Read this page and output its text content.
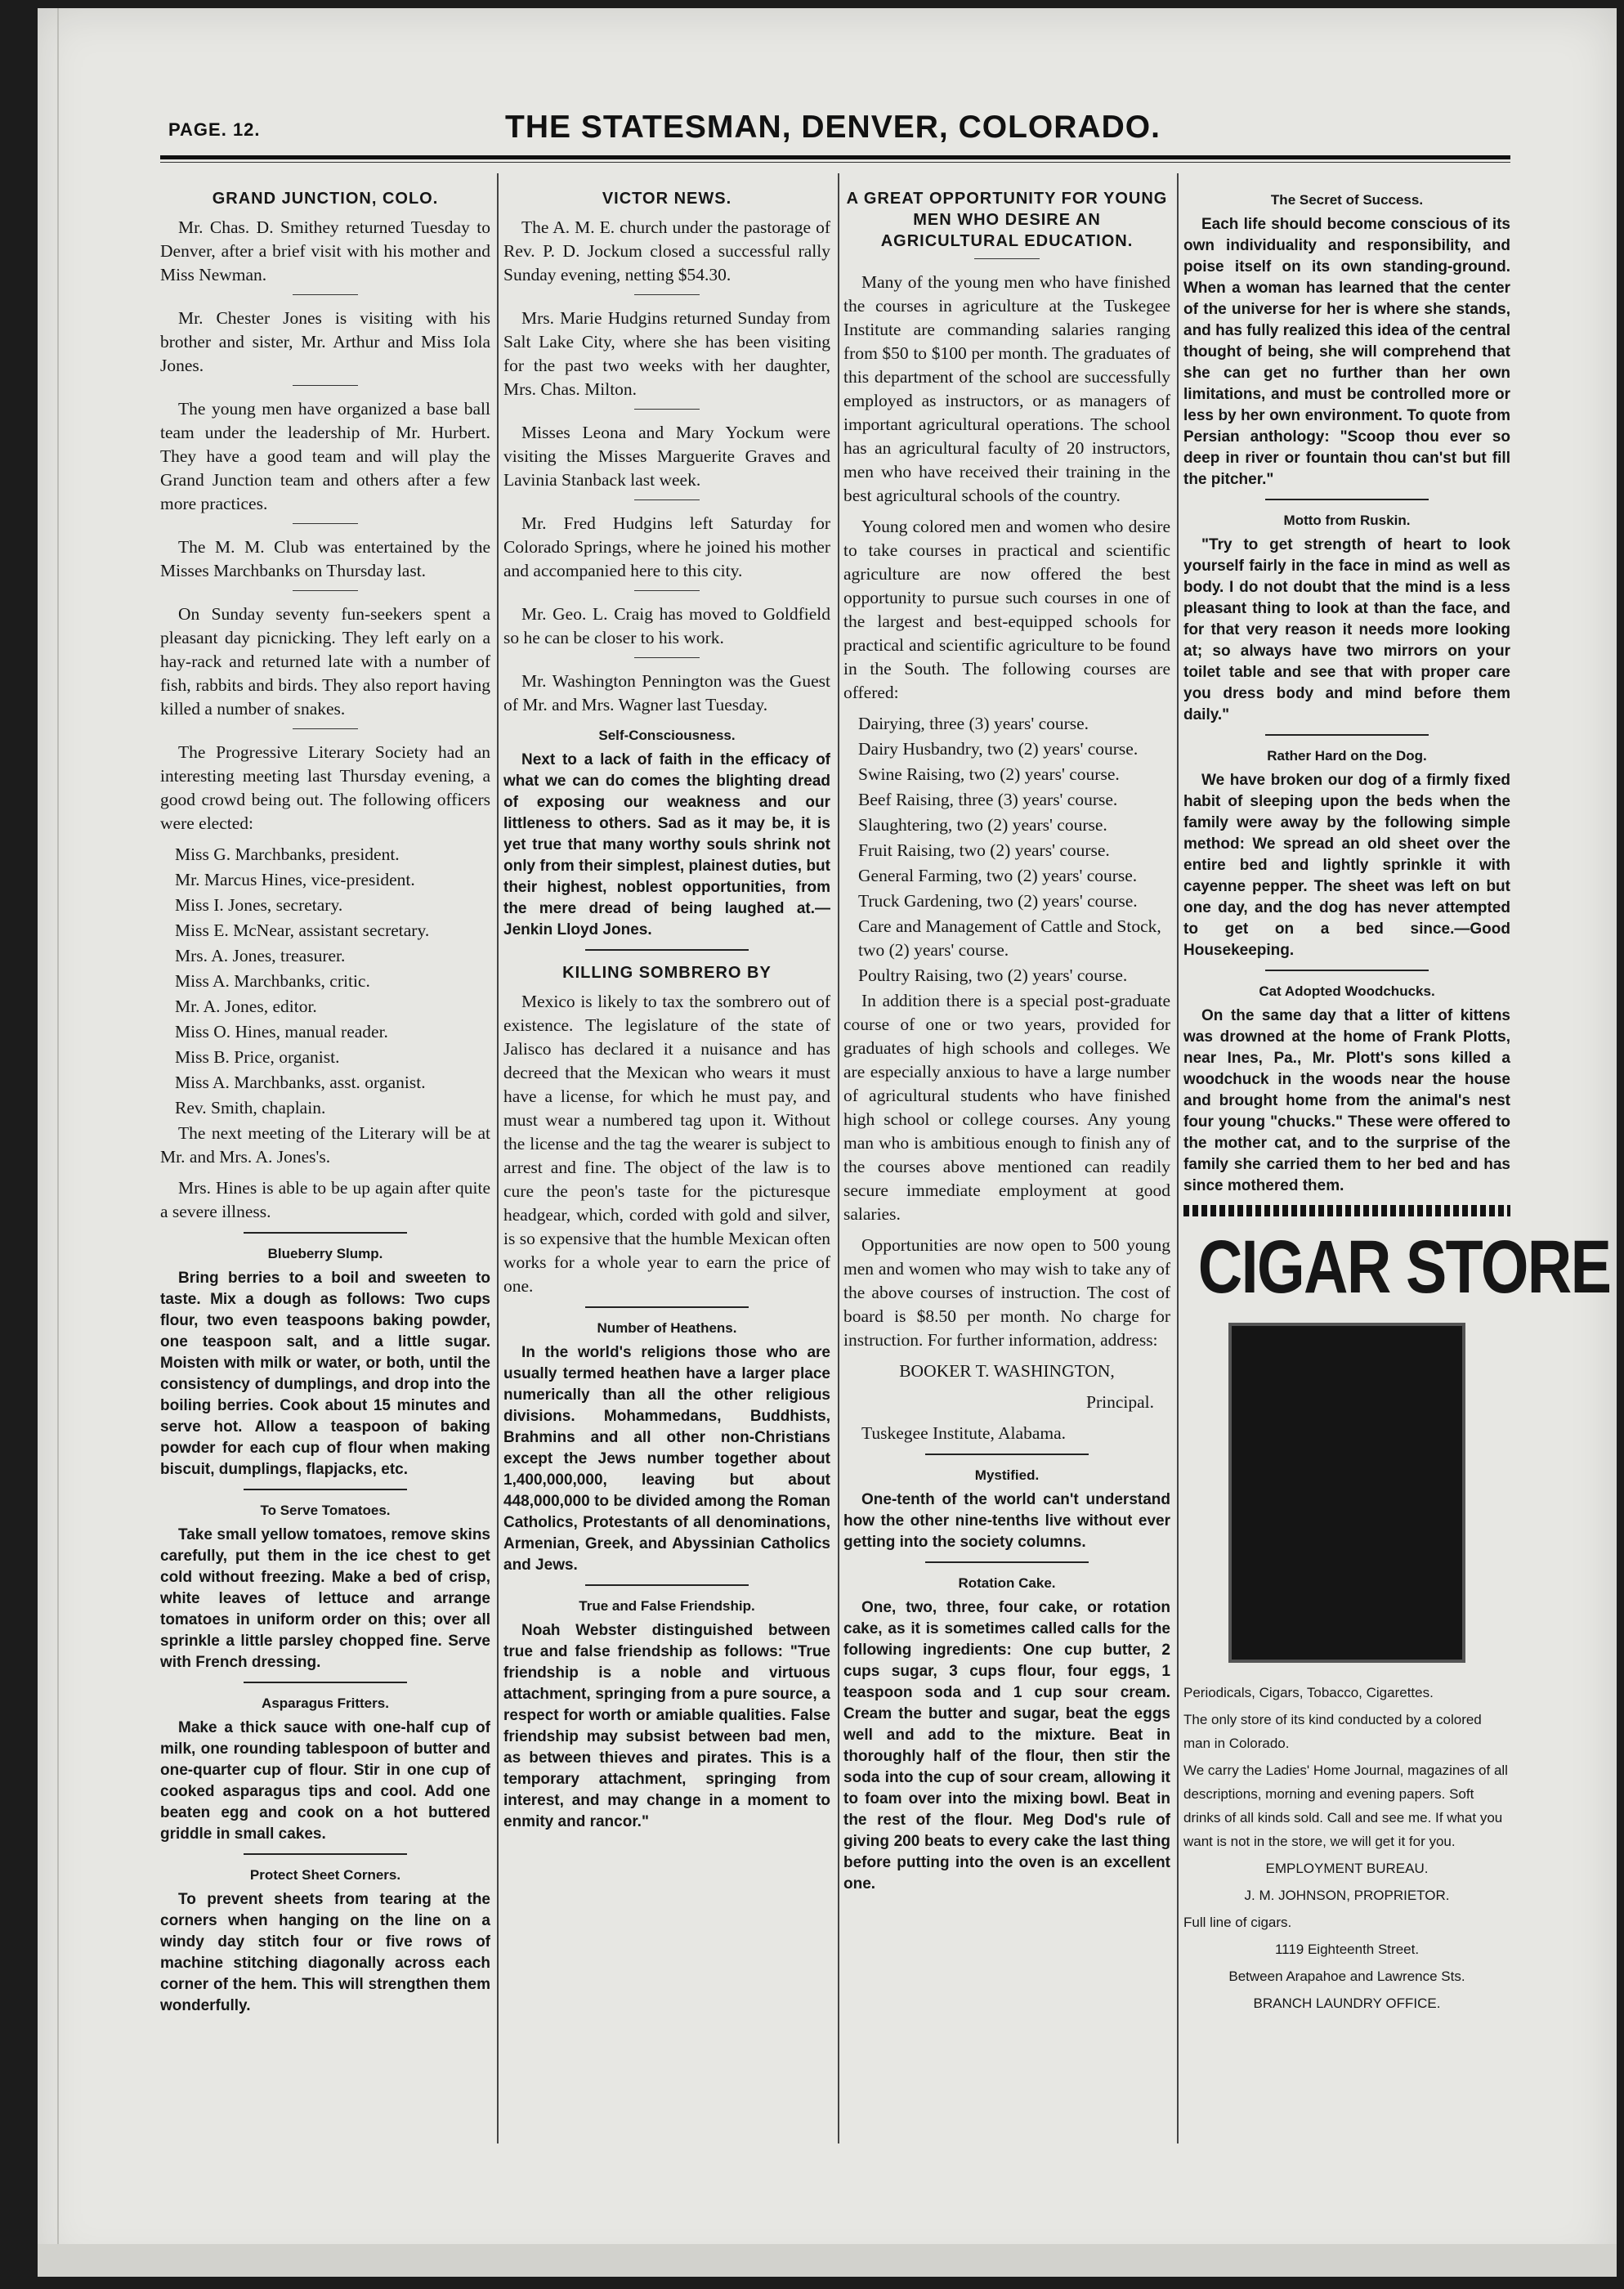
PAGE. 12.	THE STATESMAN, DENVER, COLORADO.
GRAND JUNCTION, COLO.

Mr. Chas. D. Smithey returned Tuesday to Denver, after a brief visit with his mother and Miss Newman.

Mr. Chester Jones is visiting with his brother and sister, Mr. Arthur and Miss Iola Jones.

The young men have organized a base ball team under the leadership of Mr. Hurbert. They have a good team and will play the Grand Junction team and others after a few more practices.

The M. M. Club was entertained by the Misses Marchbanks on Thursday last.

On Sunday seventy fun-seekers spent a pleasant day picnicking. They left early on a hay-rack and returned late with a number of fish, rabbits and birds. They also report having killed a number of snakes.

The Progressive Literary Society had an interesting meeting last Thursday evening, a good crowd being out. The following officers were elected:

Miss G. Marchbanks, president.

Mr. Marcus Hines, vice-president.

Miss I. Jones, secretary.

Miss E. McNear, assistant secretary.

Mrs. A. Jones, treasurer.

Miss A. Marchbanks, critic.

Mr. A. Jones, editor.

Miss O. Hines, manual reader.

Miss B. Price, organist.

Miss A. Marchbanks, asst. organist.

Rev. Smith, chaplain.

The next meeting of the Literary will be at Mr. and Mrs. A. Jones's.

Mrs. Hines is able to be up again after quite a severe illness.

Blueberry Slump.

Bring berries to a boil and sweeten to taste. Mix a dough as follows: Two cups flour, two even teaspoons baking powder, one teaspoon salt, and a little sugar. Moisten with milk or water, or both, until the consistency of dumplings, and drop into the boiling berries. Cook about 15 minutes and serve hot. Allow a teaspoon of baking powder for each cup of flour when making biscuit, dumplings, flapjacks, etc.

To Serve Tomatoes.

Take small yellow tomatoes, remove skins carefully, put them in the ice chest to get cold without freezing. Make a bed of crisp, white leaves of lettuce and arrange tomatoes in uniform order on this; over all sprinkle a little parsley chopped fine. Serve with French dressing.

Asparagus Fritters.

Make a thick sauce with one-half cup of milk, one rounding tablespoon of butter and one-quarter cup of flour. Stir in one cup of cooked asparagus tips and cool. Add one beaten egg and cook on a hot buttered griddle in small cakes.

Protect Sheet Corners.

To prevent sheets from tearing at the corners when hanging on the line on a windy day stitch four or five rows of machine stitching diagonally across each corner of the hem. This will strengthen them wonderfully.

VICTOR NEWS.

The A. M. E. church under the pastorage of Rev. P. D. Jockum closed a successful rally Sunday evening, netting $54.30.

Mrs. Marie Hudgins returned Sunday from Salt Lake City, where she has been visiting for the past two weeks with her daughter, Mrs. Chas. Milton.

Misses Leona and Mary Yockum were visiting the Misses Marguerite Graves and Lavinia Stanback last week.

Mr. Fred Hudgins left Saturday for Colorado Springs, where he joined his mother and accompanied here to this city.

Mr. Geo. L. Craig has moved to Goldfield so he can be closer to his work.

Mr. Washington Pennington was the Guest of Mr. and Mrs. Wagner last Tuesday.

Self-Consciousness.

Next to a lack of faith in the efficacy of what we can do comes the blighting dread of exposing our weakness and our littleness to others. Sad as it may be, it is yet true that many worthy souls shrink not only from their simplest, plainest duties, but their highest, noblest opportunities, from the mere dread of being laughed at.—Jenkin Lloyd Jones.

KILLING SOMBRERO BY

Mexico is likely to tax the sombrero out of existence. The legislature of the state of Jalisco has declared it a nuisance and has decreed that the Mexican who wears it must have a license, for which he must pay, and must wear a numbered tag upon it. Without the license and the tag the wearer is subject to arrest and fine. The object of the law is to cure the peon's taste for the picturesque headgear, which, corded with gold and silver, is so expensive that the humble Mexican often works for a whole year to earn the price of one.

Number of Heathens.

In the world's religions those who are usually termed heathen have a larger place numerically than all the other religious divisions. Mohammedans, Buddhists, Brahmins and all other non-Christians except the Jews number together about 1,400,000,000, leaving but about 448,000,000 to be divided among the Roman Catholics, Protestants of all denominations, Armenian, Greek, and Abyssinian Catholics and Jews.

True and False Friendship.

Noah Webster distinguished between true and false friendship as follows: "True friendship is a noble and virtuous attachment, springing from a pure source, a respect for worth or amiable qualities. False friendship may subsist between bad men, as between thieves and pirates. This is a temporary attachment, springing from interest, and may change in a moment to enmity and rancor."

A GREAT OPPORTUNITY FOR YOUNG MEN WHO DESIRE AN AGRICULTURAL EDUCATION.

Many of the young men who have finished the courses in agriculture at the Tuskegee Institute are commanding salaries ranging from $50 to $100 per month. The graduates of this department of the school are successfully employed as instructors, or as managers of important agricultural operations. The school has an agricultural faculty of 20 instructors, men who have received their training in the best agricultural schools of the country.

Young colored men and women who desire to take courses in practical and scientific agriculture are now offered the best opportunity to pursue such courses in one of the largest and best-equipped schools for practical and scientific agriculture to be found in the South. The following courses are offered:

Dairying, three (3) years' course.

Dairy Husbandry, two (2) years' course.

Swine Raising, two (2) years' course.

Beef Raising, three (3) years' course.

Slaughtering, two (2) years' course.

Fruit Raising, two (2) years' course.

General Farming, two (2) years' course.

Truck Gardening, two (2) years' course.

Care and Management of Cattle and Stock, two (2) years' course.

Poultry Raising, two (2) years' course.

In addition there is a special post-graduate course of one or two years, provided for graduates of high schools and colleges. We are especially anxious to have a large number of agricultural students who have finished high school or college courses. Any young man who is ambitious enough to finish any of the courses above mentioned can readily secure immediate employment at good salaries.

Opportunities are now open to 500 young men and women who may wish to take any of the above courses of instruction. The cost of board is $8.50 per month. No charge for instruction. For further information, address:

BOOKER T. WASHINGTON,

Principal.

Tuskegee Institute, Alabama.

Mystified.

One-tenth of the world can't understand how the other nine-tenths live without ever getting into the society columns.

Rotation Cake.

One, two, three, four cake, or rotation cake, as it is sometimes called calls for the following ingredients: One cup butter, 2 cups sugar, 3 cups flour, four eggs, 1 teaspoon soda and 1 cup sour cream. Cream the butter and sugar, beat the eggs well and add to the mixture. Beat in thoroughly half of the flour, then stir the soda into the cup of sour cream, allowing it to foam over into the mixing bowl. Beat in the rest of the flour. Meg Dod's rule of giving 200 beats to every cake the last thing before putting into the oven is an excellent one.

The Secret of Success.

Each life should become conscious of its own individuality and responsibility, and poise itself on its own standing-ground. When a woman has learned that the center of the universe for her is where she stands, and has fully realized this idea of the central thought of being, she will comprehend that she can get no further than her own limitations, and must be controlled more or less by her own environment. To quote from Persian anthology: "Scoop thou ever so deep in river or fountain thou can'st but fill the pitcher."

Motto from Ruskin.

"Try to get strength of heart to look yourself fairly in the face in mind as well as body. I do not doubt that the mind is a less pleasant thing to look at than the face, and for that very reason it needs more looking at; so always have two mirrors on your toilet table and see that with proper care you dress body and mind before them daily."

Rather Hard on the Dog.

We have broken our dog of a firmly fixed habit of sleeping upon the beds when the family were away by the following simple method: We spread an old sheet over the entire bed and lightly sprinkle it with cayenne pepper. The sheet was left on but one day, and the dog has never attempted to get on a bed since.—Good Housekeeping.

Cat Adopted Woodchucks.

On the same day that a litter of kittens was drowned at the home of Frank Plotts, near Ines, Pa., Mr. Plott's sons killed a woodchuck in the woods near the house and brought home from the animal's nest four young "chucks." These were offered to the mother cat, and to the surprise of the family she carried them to her bed and has since mothered them.

CIGAR STORE

Periodicals, Cigars, Tobacco, Cigarettes.

The only store of its kind conducted by a colored man in Colorado.

We carry the Ladies' Home Journal, magazines of all descriptions, morning and evening papers. Soft drinks of all kinds sold. Call and see me. If what you want is not in the store, we will get it for you.

EMPLOYMENT BUREAU.

J. M. JOHNSON, PROPRIETOR.

Full line of cigars.

1119 Eighteenth Street.

Between Arapahoe and Lawrence Sts.

BRANCH LAUNDRY OFFICE.
